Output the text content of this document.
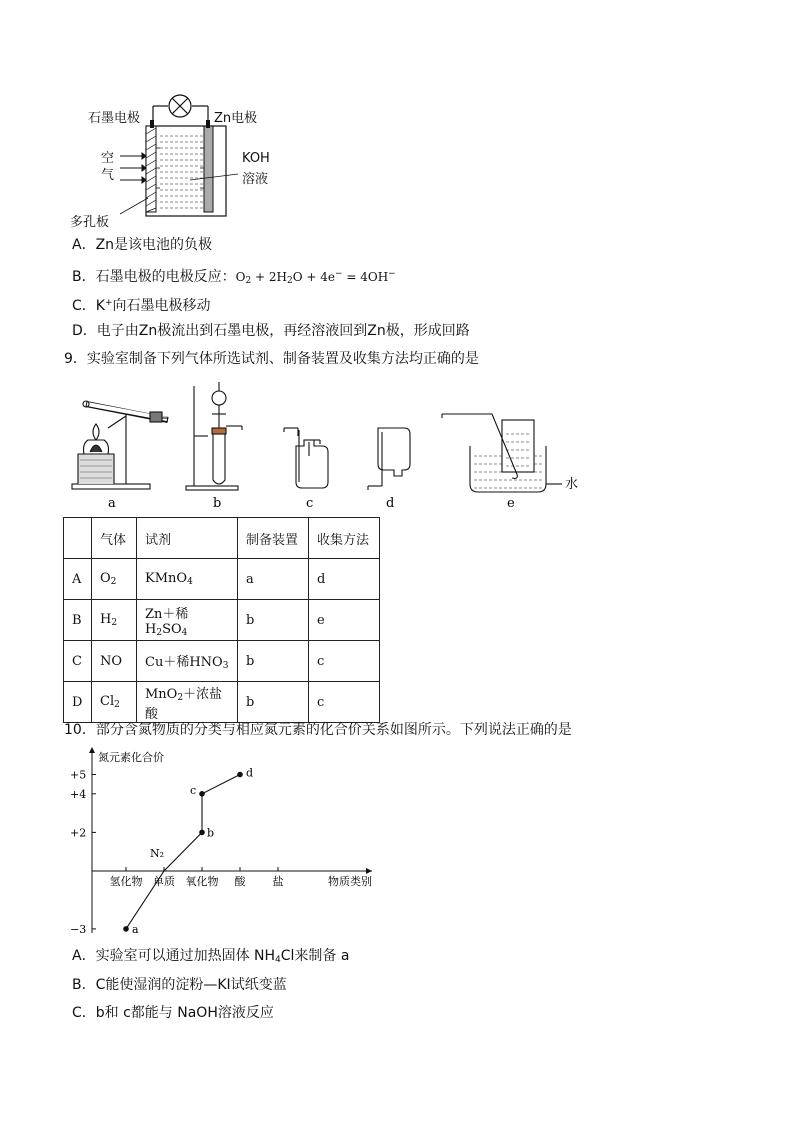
石墨电极	Zn电极
空
气
KOH
溶液
多孔板
A．Zn是该电池的负极
B．石墨电极的电极反应：$O_2 + 2H_2O + 4e^- = 4OH^-$
C．K+向石墨电极移动
D．电子由Zn极流出到石墨电极，再经溶液回到Zn极，形成回路
9．实验室制备下列气体所选试剂、制备装置及收集方法均正确的是
a	b	c	d
水
e
	气体	试剂	制备装置	收集方法
A	$O_2$	KMnO$_4$	a	d
B	$H_2$	Zn＋稀$H_2SO_4$	b	e
C	NO	Cu＋稀$HNO_3$	b	c
D	$Cl_2$	MnO$_2$＋浓盐酸	b	c
10．部分含氮物质的分类与相应氮元素的化合价关系如图所示。下列说法正确的是
氮元素化合价
+5
+4
+2
−3
氢化物 单质 氧化物 酸 盐	物质类别
a
N₂
b
c
d
A．实验室可以通过加热固体 $NH_4Cl$来制备 a
B．C能使湿润的淀粉—KI试纸变蓝
C．b和 c都能与 NaOH溶液反应
